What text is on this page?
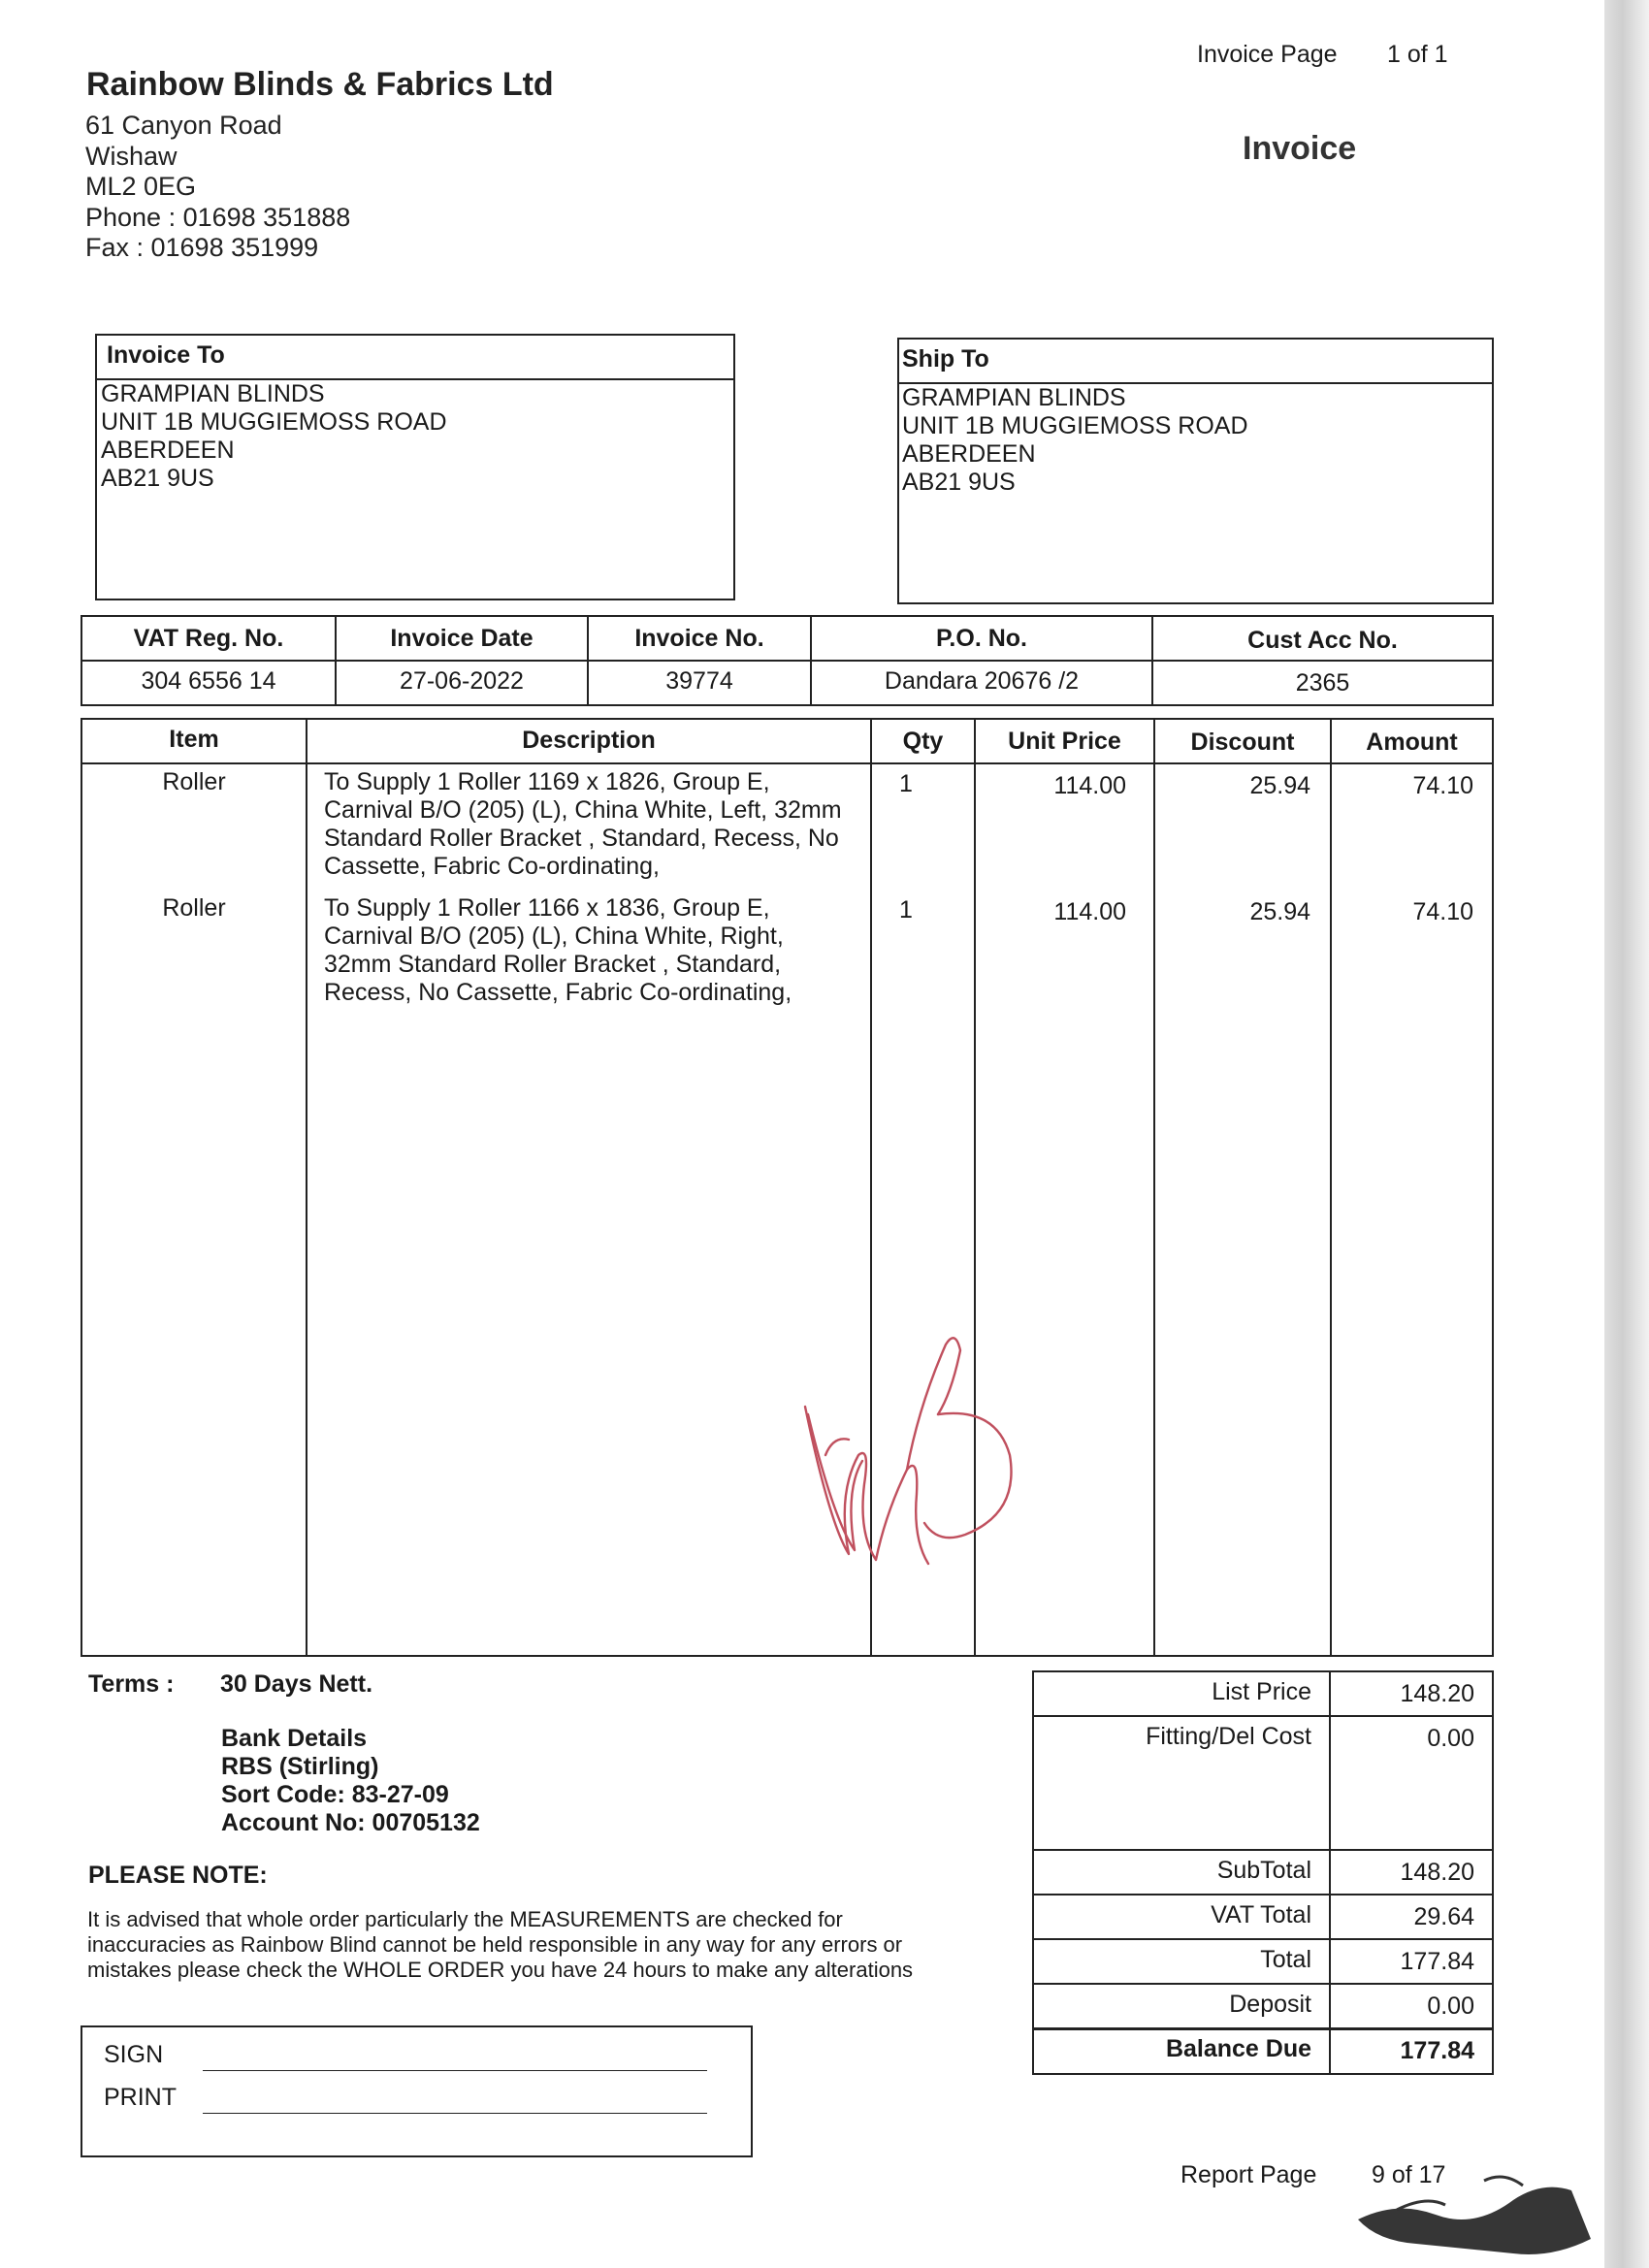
Invoice Page 1 of 1
Invoice
Rainbow Blinds & Fabrics Ltd
61 Canyon Road
Wishaw
ML2 0EG
Phone : 01698 351888
Fax : 01698 351999
Invoice To
GRAMPIAN BLINDS
UNIT 1B MUGGIEMOSS ROAD
ABERDEEN
AB21 9US
Ship To
GRAMPIAN BLINDS
UNIT 1B MUGGIEMOSS ROAD
ABERDEEN
AB21 9US
VAT Reg. No.	Invoice Date	Invoice No.	P.O. No.	Cust Acc No.
304 6556 14	27-06-2022	39774	Dandara 20676 /2	2365
Item	Description	Qty	Unit Price	Discount	Amount
Roller	To Supply 1 Roller 1169 x 1826, Group E,
Carnival B/O (205) (L), China White, Left, 32mm
Standard Roller Bracket , Standard, Recess, No
Cassette, Fabric Co-ordinating,
1	114.00	25.94	74.10
Roller	To Supply 1 Roller 1166 x 1836, Group E,
Carnival B/O (205) (L), China White, Right,
32mm Standard Roller Bracket , Standard,
Recess, No Cassette, Fabric Co-ordinating,
1	114.00	25.94	74.10
Terms : 30 Days Nett.
Bank Details
RBS (Stirling)
Sort Code: 83-27-09
Account No: 00705132
PLEASE NOTE:
It is advised that whole order particularly the MEASUREMENTS are checked for
inaccuracies as Rainbow Blind cannot be held responsible in any way for any errors or
mistakes please check the WHOLE ORDER you have 24 hours to make any alterations
List Price	148.20
Fitting/Del Cost	0.00
SubTotal	148.20
VAT Total	29.64
Total	177.84
Deposit	0.00
Balance Due	177.84
SIGN
PRINT
Report Page 9 of 17
